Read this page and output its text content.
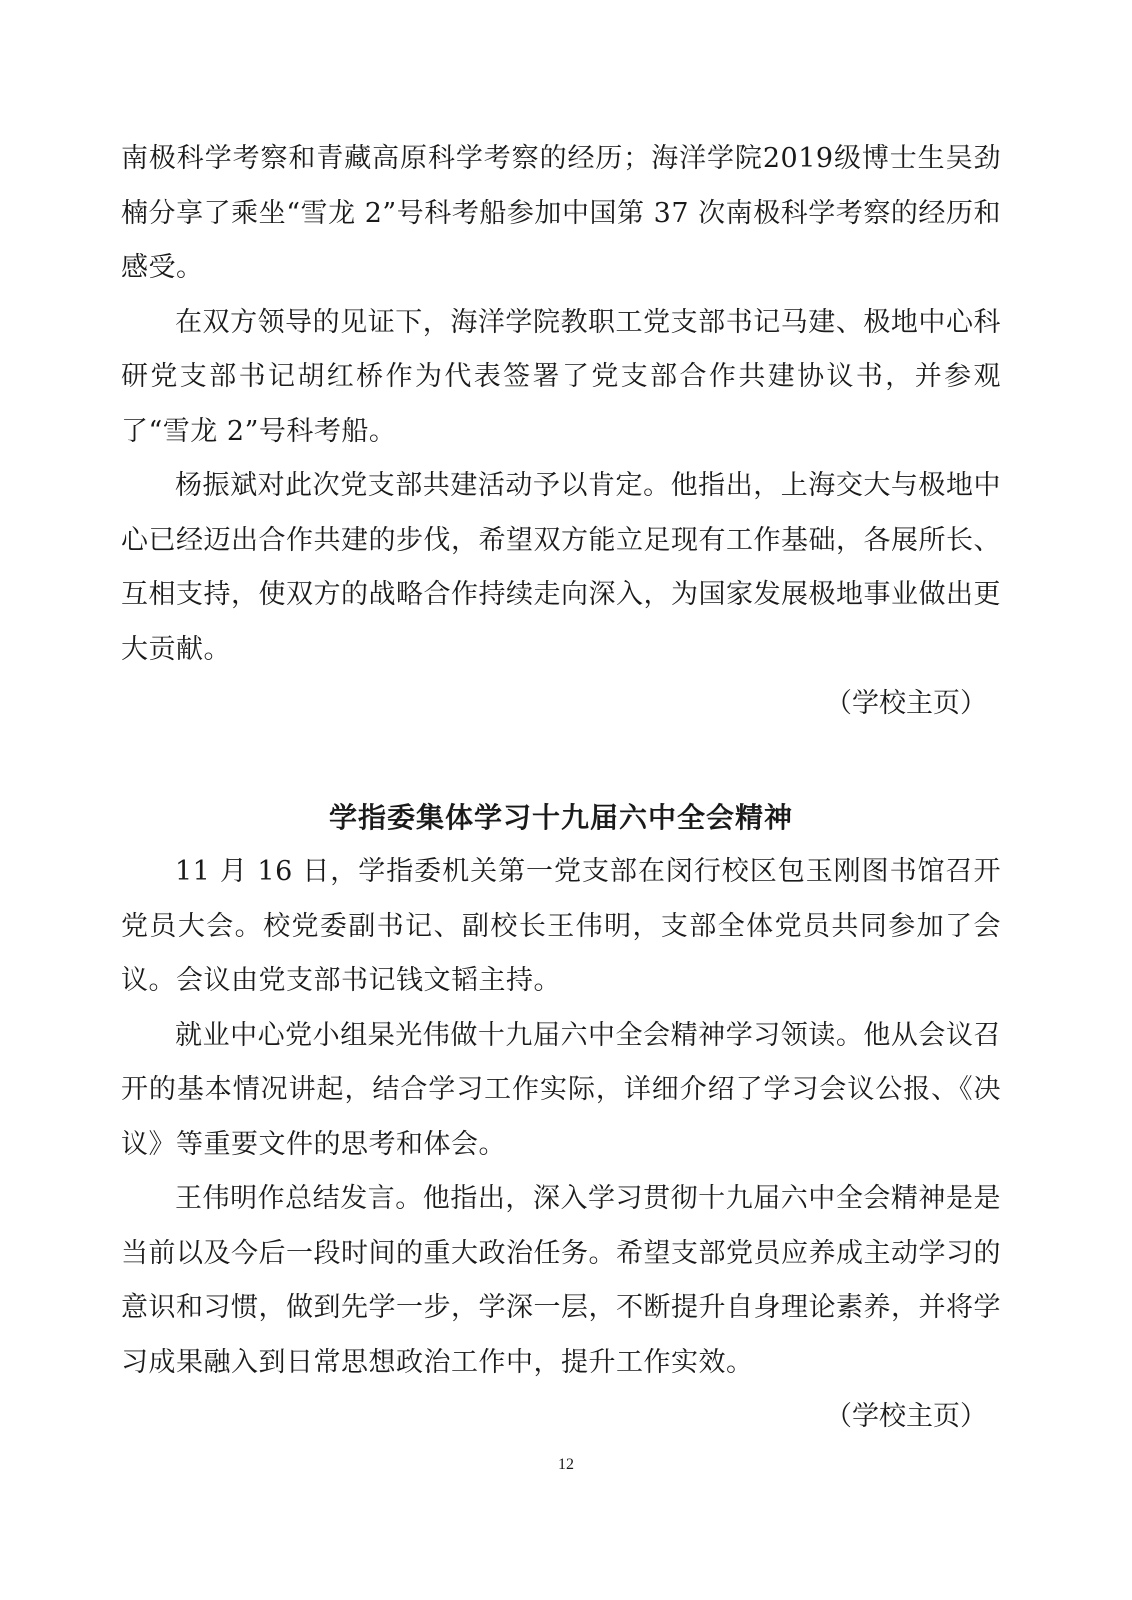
南极科学考察和青藏高原科学考察的经历；海洋学院2019级博士生吴劲楠分享了乘坐“雪龙 2”号科考船参加中国第 37 次南极科学考察的经历和感受。

在双方领导的见证下，海洋学院教职工党支部书记马建、极地中心科研党支部书记胡红桥作为代表签署了党支部合作共建协议书，并参观了“雪龙 2”号科考船。

杨振斌对此次党支部共建活动予以肯定。他指出，上海交大与极地中心已经迈出合作共建的步伐，希望双方能立足现有工作基础，各展所长、互相支持，使双方的战略合作持续走向深入，为国家发展极地事业做出更大贡献。

（学校主页）

学指委集体学习十九届六中全会精神

11 月 16 日，学指委机关第一党支部在闵行校区包玉刚图书馆召开党员大会。校党委副书记、副校长王伟明，支部全体党员共同参加了会议。会议由党支部书记钱文韬主持。

就业中心党小组杲光伟做十九届六中全会精神学习领读。他从会议召开的基本情况讲起，结合学习工作实际，详细介绍了学习会议公报、《决议》等重要文件的思考和体会。

王伟明作总结发言。他指出，深入学习贯彻十九届六中全会精神是是当前以及今后一段时间的重大政治任务。希望支部党员应养成主动学习的意识和习惯，做到先学一步，学深一层，不断提升自身理论素养，并将学习成果融入到日常思想政治工作中，提升工作实效。

（学校主页）

12
